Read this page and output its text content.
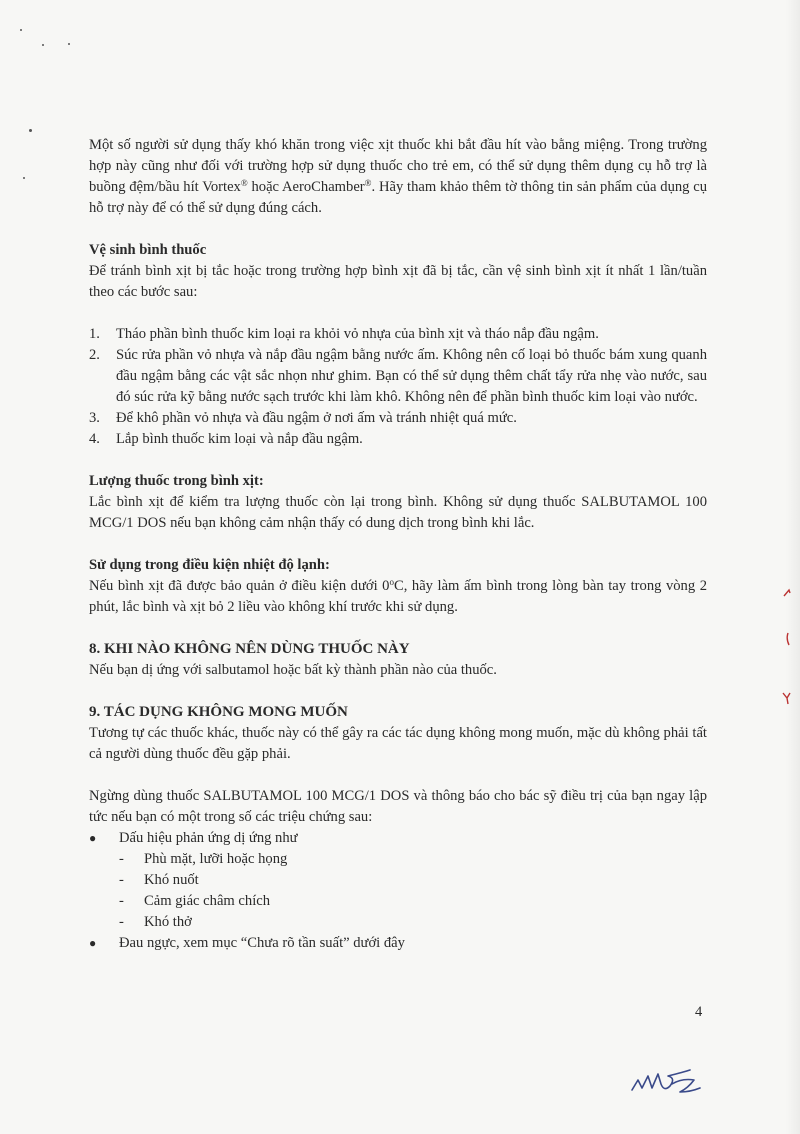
Một số người sử dụng thấy khó khăn trong việc xịt thuốc khi bắt đầu hít vào bằng miệng. Trong trường hợp này cũng như đối với trường hợp sử dụng thuốc cho trẻ em, có thể sử dụng thêm dụng cụ hỗ trợ là buồng đệm/bầu hít Vortex® hoặc AeroChamber®. Hãy tham khảo thêm tờ thông tin sản phẩm của dụng cụ hỗ trợ này để có thể sử dụng đúng cách.

Vệ sinh bình thuốc

Để tránh bình xịt bị tắc hoặc trong trường hợp bình xịt đã bị tắc, cần vệ sinh bình xịt ít nhất 1 lần/tuần theo các bước sau:

1. Tháo phần bình thuốc kim loại ra khỏi vỏ nhựa của bình xịt và tháo nắp đầu ngậm.
2. Súc rửa phần vỏ nhựa và nắp đầu ngậm bằng nước ấm. Không nên cố loại bỏ thuốc bám xung quanh đầu ngậm bằng các vật sắc nhọn như ghim. Bạn có thể sử dụng thêm chất tẩy rửa nhẹ vào nước, sau đó súc rửa kỹ bằng nước sạch trước khi làm khô. Không nên để phần bình thuốc kim loại vào nước.
3. Để khô phần vỏ nhựa và đầu ngậm ở nơi ấm và tránh nhiệt quá mức.
4. Lắp bình thuốc kim loại và nắp đầu ngậm.

Lượng thuốc trong bình xịt:

Lắc bình xịt để kiểm tra lượng thuốc còn lại trong bình. Không sử dụng thuốc SALBUTAMOL 100 MCG/1 DOS nếu bạn không cảm nhận thấy có dung dịch trong bình khi lắc.

Sử dụng trong điều kiện nhiệt độ lạnh:

Nếu bình xịt đã được bảo quản ở điều kiện dưới 0$^o$C, hãy làm ấm bình trong lòng bàn tay trong vòng 2 phút, lắc bình và xịt bỏ 2 liều vào không khí trước khi sử dụng.

8. KHI NÀO KHÔNG NÊN DÙNG THUỐC NÀY

Nếu bạn dị ứng với salbutamol hoặc bất kỳ thành phần nào của thuốc.

9. TÁC DỤNG KHÔNG MONG MUỐN

Tương tự các thuốc khác, thuốc này có thể gây ra các tác dụng không mong muốn, mặc dù không phải tất cả người dùng thuốc đều gặp phải.

Ngừng dùng thuốc SALBUTAMOL 100 MCG/1 DOS và thông báo cho bác sỹ điều trị của bạn ngay lập tức nếu bạn có một trong số các triệu chứng sau:

● Dấu hiệu phản ứng dị ứng như
- Phù mặt, lưỡi hoặc họng
- Khó nuốt
- Cảm giác châm chích
- Khó thở
● Đau ngực, xem mục “Chưa rõ tần suất” dưới đây
4
